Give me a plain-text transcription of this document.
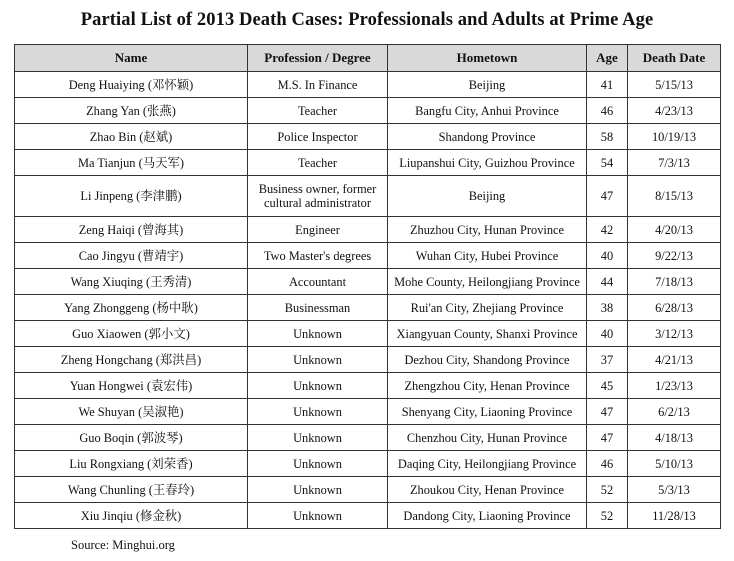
Partial List of 2013 Death Cases: Professionals and Adults at Prime Age
Name	Profession / Degree	Hometown	Age	Death Date
Deng Huaiying (邓怀颖)	M.S. In Finance	Beijing	41	5/15/13
Zhang Yan (张燕)	Teacher	Bangfu City, Anhui Province	46	4/23/13
Zhao Bin (赵斌)	Police Inspector	Shandong Province	58	10/19/13
Ma Tianjun (马天军)	Teacher	Liupanshui City, Guizhou Province	54	7/3/13
Li Jinpeng (李津鹏)	Business owner, former cultural administrator	Beijing	47	8/15/13
Zeng Haiqi (曾海其)	Engineer	Zhuzhou City, Hunan Province	42	4/20/13
Cao Jingyu (曹靖宇)	Two Master's degrees	Wuhan City, Hubei Province	40	9/22/13
Wang Xiuqing (王秀清)	Accountant	Mohe County, Heilongjiang Province	44	7/18/13
Yang Zhonggeng (杨中耿)	Businessman	Rui'an City, Zhejiang Province	38	6/28/13
Guo Xiaowen (郭小文)	Unknown	Xiangyuan County, Shanxi Province	40	3/12/13
Zheng Hongchang (郑洪昌)	Unknown	Dezhou City, Shandong Province	37	4/21/13
Yuan Hongwei (袁宏伟)	Unknown	Zhengzhou City, Henan Province	45	1/23/13
We Shuyan (吴淑艳)	Unknown	Shenyang City, Liaoning Province	47	6/2/13
Guo Boqin (郭波琴)	Unknown	Chenzhou City, Hunan Province	47	4/18/13
Liu Rongxiang (刘荣香)	Unknown	Daqing City, Heilongjiang Province	46	5/10/13
Wang Chunling (王春玲)	Unknown	Zhoukou City, Henan Province	52	5/3/13
Xiu Jinqiu (修金秋)	Unknown	Dandong City, Liaoning Province	52	11/28/13
Source: Minghui.org
